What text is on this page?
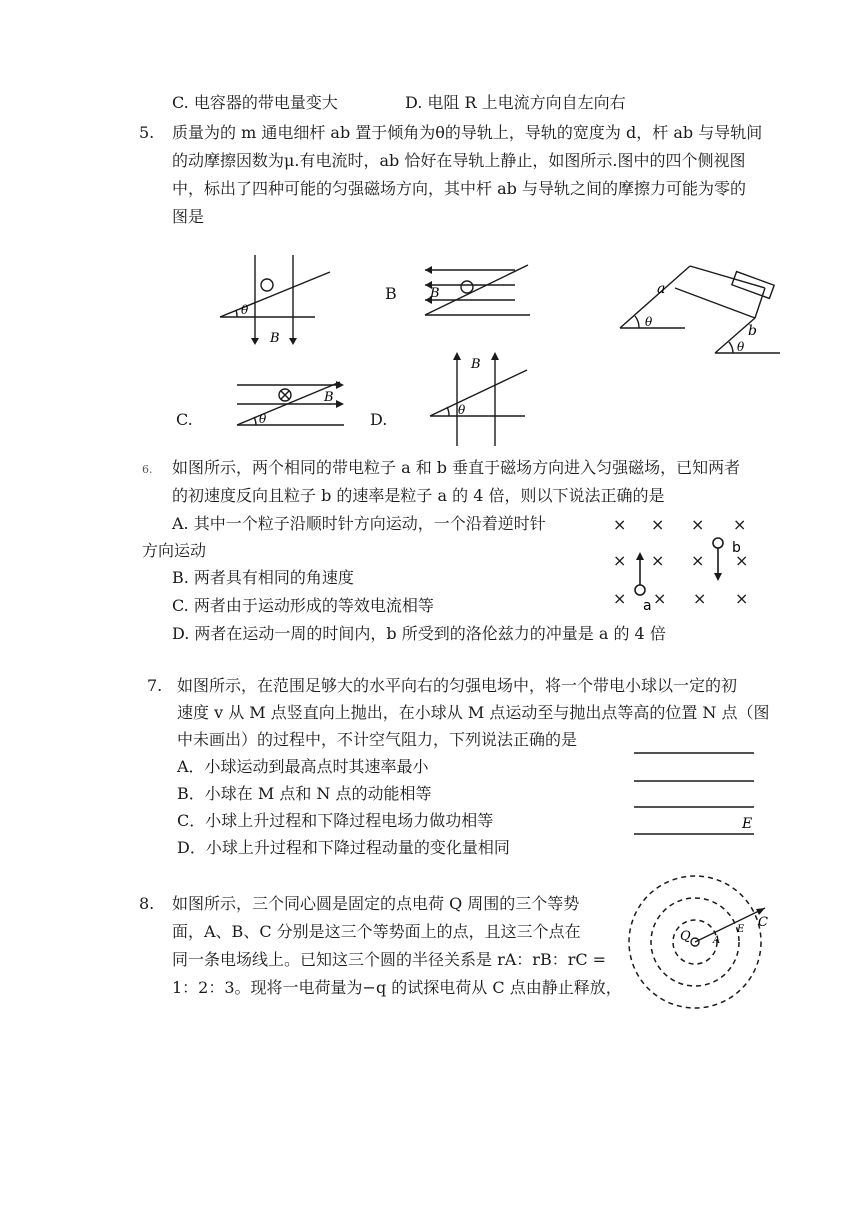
C. 电容器的带电量变大	D. 电阻 R 上电流方向自左向右
5. 质量为的 m 通电细杆 ab 置于倾角为θ的导轨上，导轨的宽度为 d，杆 ab 与导轨间
的动摩擦因数为μ.有电流时，ab 恰好在导轨上静止，如图所示.图中的四个侧视图
中，标出了四种可能的匀强磁场方向，其中杆 ab 与导轨之间的摩擦力可能为零的
图是
θ
B
B	B	a
b
θ
θ
C.
B
θ	D.
B
θ
6. 如图所示，两个相同的带电粒子 a 和 b 垂直于磁场方向进入匀强磁场，已知两者
的初速度反向且粒子 b 的速率是粒子 a 的 4 倍，则以下说法正确的是
A. 其中一个粒子沿顺时针方向运动，一个沿着逆时针
方向运动
B. 两者具有相同的角速度
C. 两者由于运动形成的等效电流相等
D. 两者在运动一周的时间内，b 所受到的洛伦兹力的冲量是 a 的 4 倍
× × × ×
× × × ×
× × × ×
a
b
7. 如图所示，在范围足够大的水平向右的匀强电场中，将一个带电小球以一定的初
速度 v 从 M 点竖直向上抛出，在小球从 M 点运动至与抛出点等高的位置 N 点（图
中未画出）的过程中，不计空气阻力，下列说法正确的是
A．小球运动到最高点时其速率最小
B．小球在 M 点和 N 点的动能相等
C．小球上升过程和下降过程电场力做功相等
D．小球上升过程和下降过程动量的变化量相同
E
8. 如图所示，三个同心圆是固定的点电荷 Q 周围的三个等势
面，A、B、C 分别是这三个等势面上的点，且这三个点在
同一条电场线上。已知这三个圆的半径关系是 rA：rB：rC =
1：2：3。现将一电荷量为−q 的试探电荷从 C 点由静止释放，
Q A
E C
